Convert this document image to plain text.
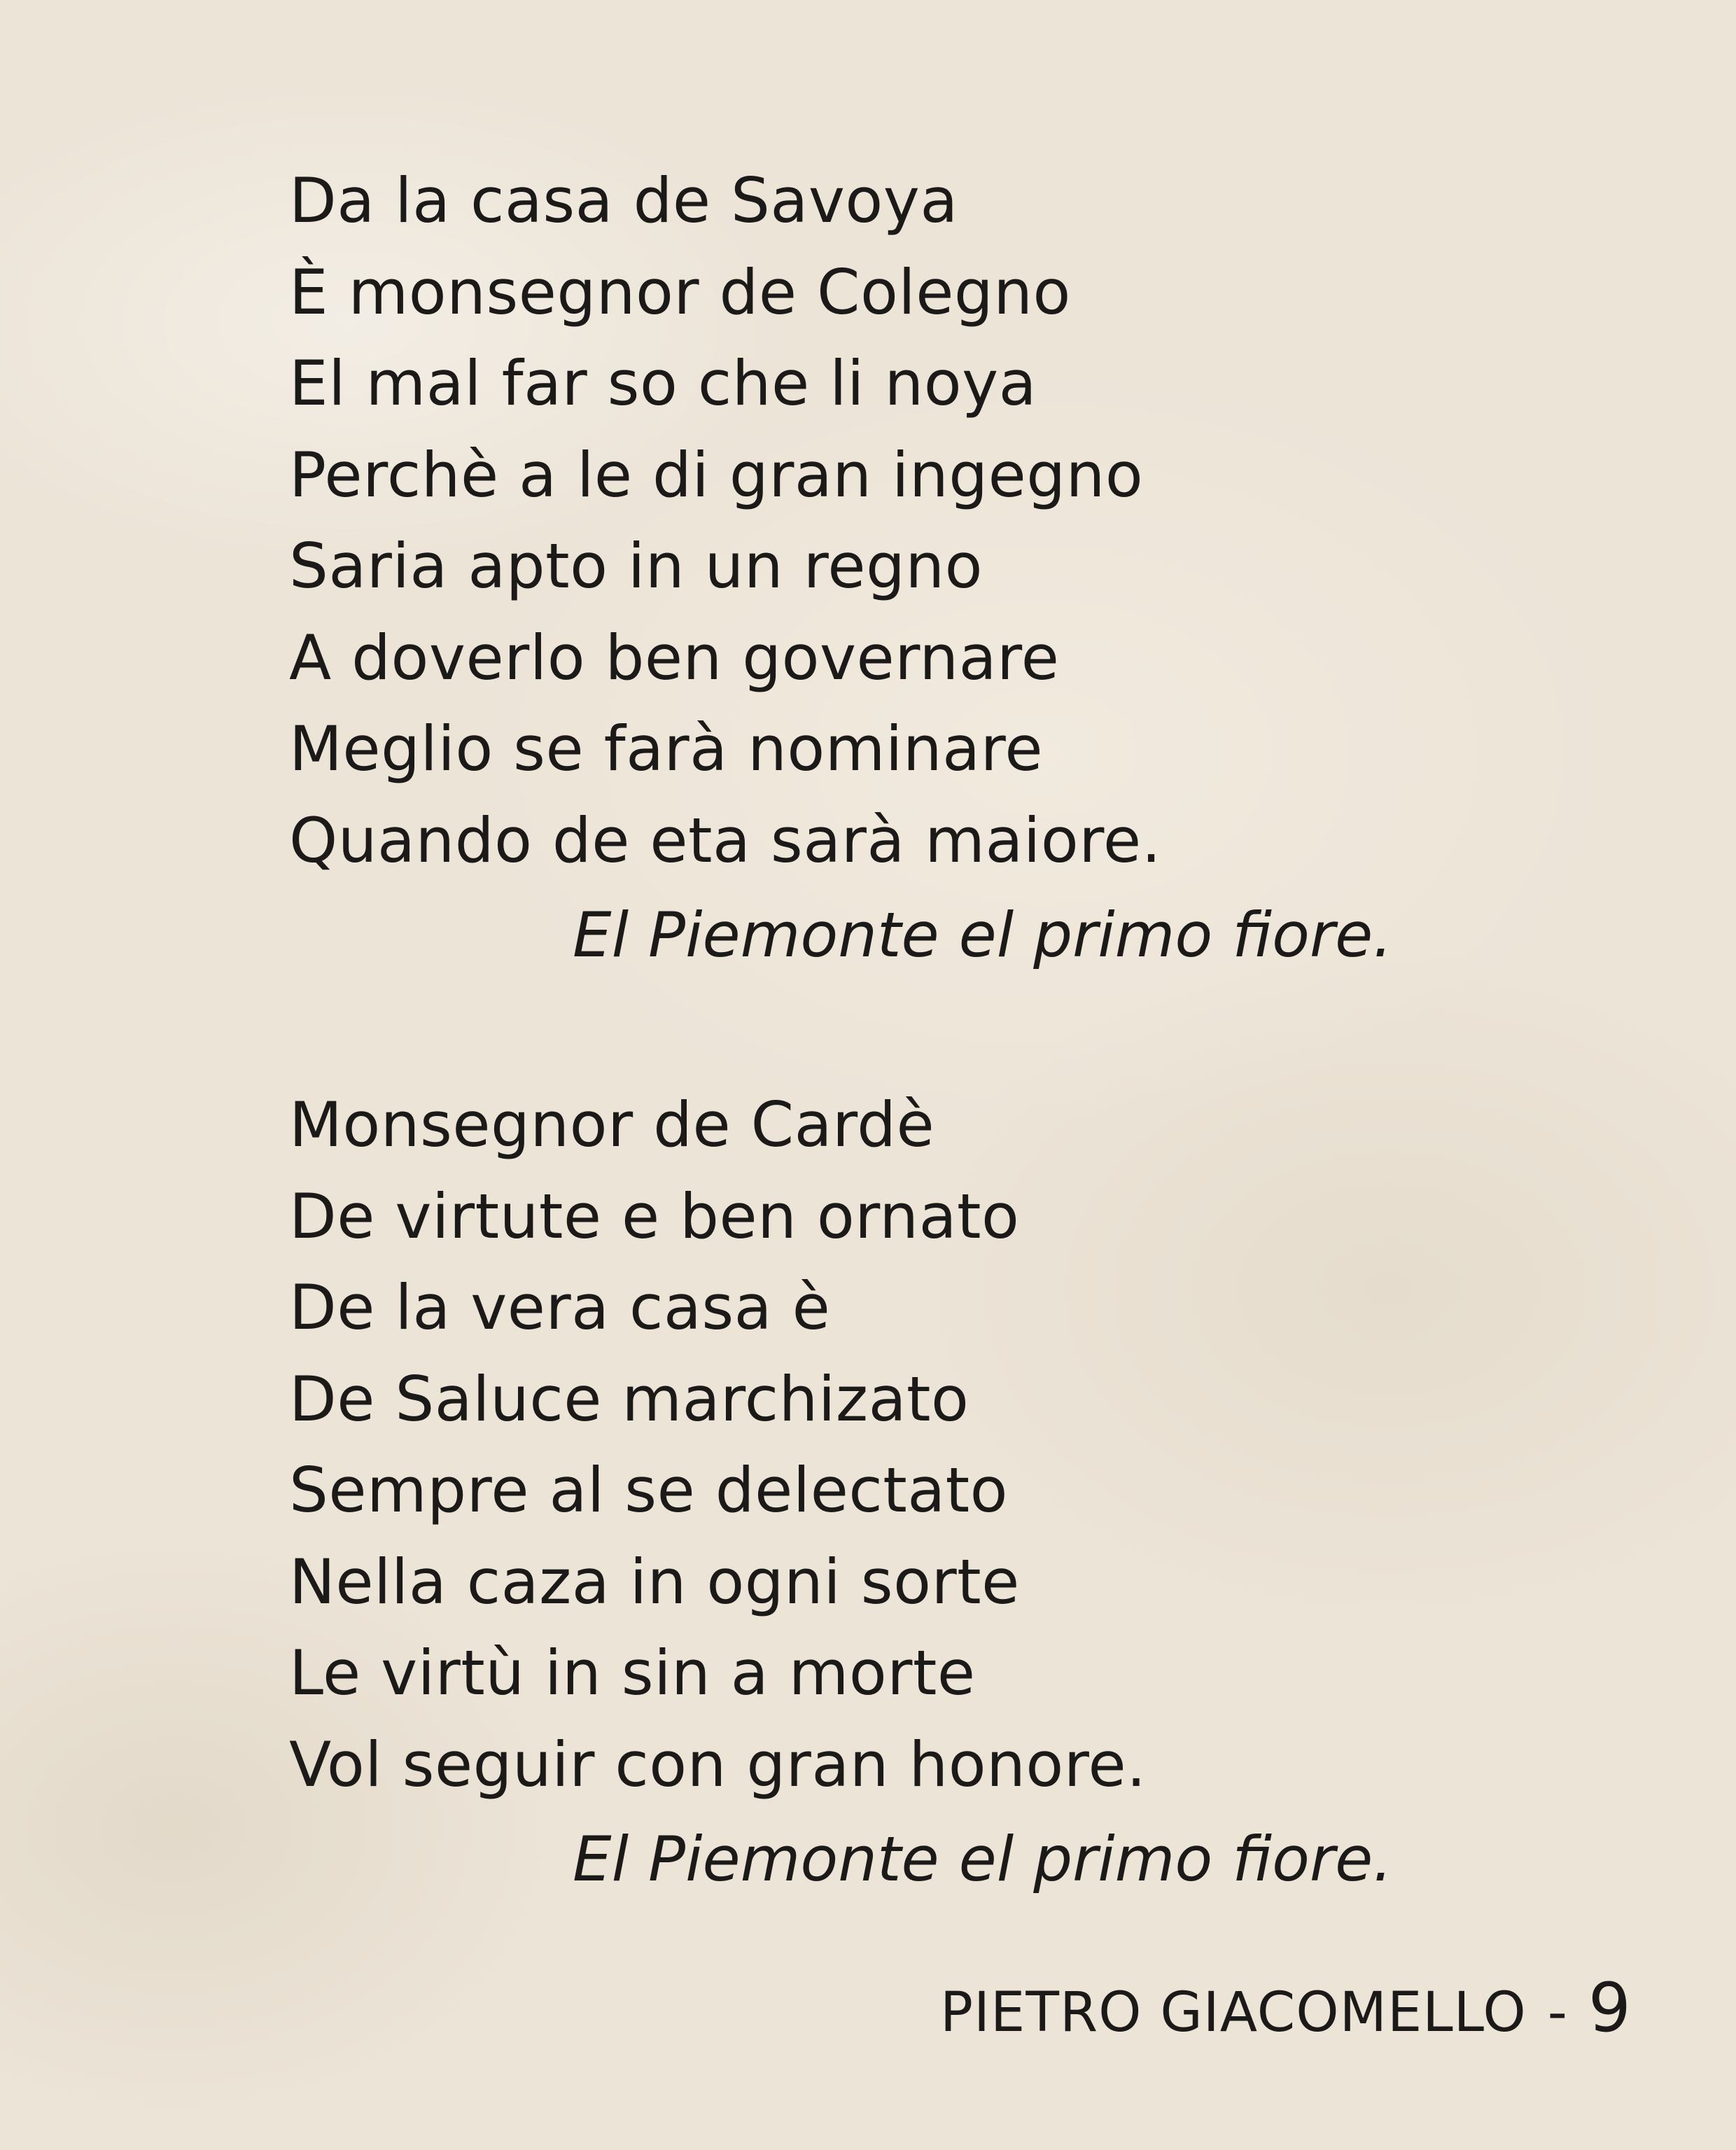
Da la casa de Savoya
È monsegnor de Colegno
El mal far so che li noya
Perchè a le di gran ingegno
Saria apto in un regno
A doverlo ben governare
Meglio se farà nominare
Quando de eta sarà maiore.
El Piemonte el primo fiore.
Monsegnor de Cardè
De virtute e ben ornato
De la vera casa è
De Saluce marchizato
Sempre al se delectato
Nella caza in ogni sorte
Le virtù in sin a morte
Vol seguir con gran honore.
El Piemonte el primo fiore.
PIETRO GIACOMELLO - 9
